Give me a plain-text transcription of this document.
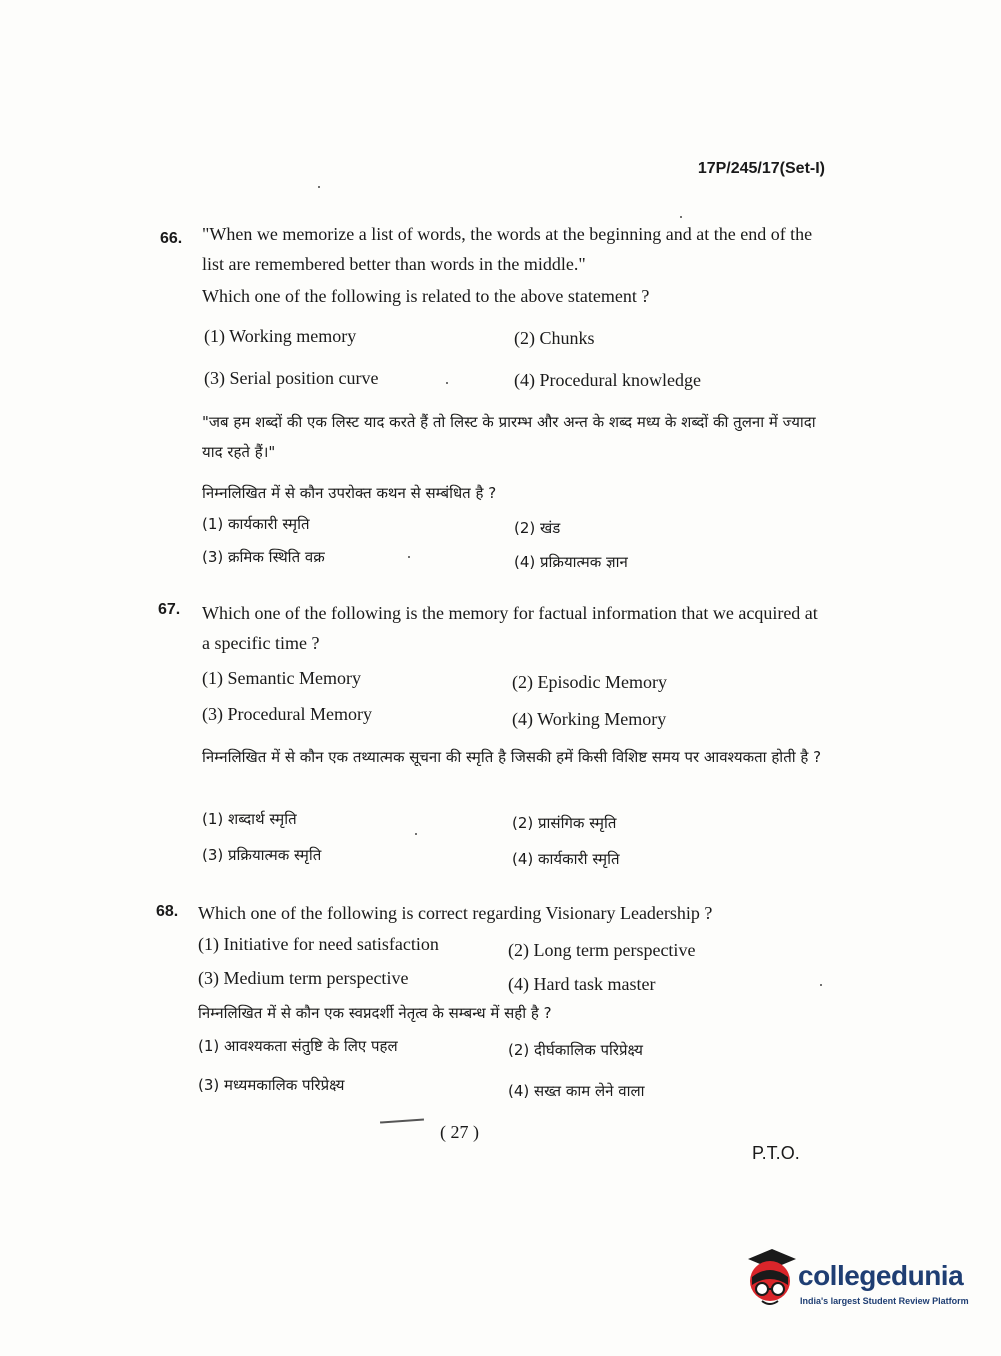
17P/245/17(Set-I)
66. "When we memorize a list of words, the words at the beginning and at the end of the list are remembered better than words in the middle."
Which one of the following is related to the above statement ?
(1) Working memory	(2) Chunks
(3) Serial position curve	(4) Procedural knowledge
"जब हम शब्दों की एक लिस्ट याद करते हैं तो लिस्ट के प्रारम्भ और अन्त के शब्द मध्य के शब्दों की तुलना में ज्यादा याद रहते हैं।"
निम्नलिखित में से कौन उपरोक्त कथन से सम्बंधित है ?
(1) कार्यकारी स्मृति	(2) खंड
(3) क्रमिक स्थिति वक्र	(4) प्रक्रियात्मक ज्ञान
67. Which one of the following is the memory for factual information that we acquired at a specific time ?
(1) Semantic Memory	(2) Episodic Memory
(3) Procedural Memory	(4) Working Memory
निम्नलिखित में से कौन एक तथ्यात्मक सूचना की स्मृति है जिसकी हमें किसी विशिष्ट समय पर आवश्यकता होती है ?
(1) शब्दार्थ स्मृति	(2) प्रासंगिक स्मृति
(3) प्रक्रियात्मक स्मृति	(4) कार्यकारी स्मृति
68. Which one of the following is correct regarding Visionary Leadership ?
(1) Initiative for need satisfaction	(2) Long term perspective
(3) Medium term perspective	(4) Hard task master
निम्नलिखित में से कौन एक स्वप्नदर्शी नेतृत्व के सम्बन्ध में सही है ?
(1) आवश्यकता संतुष्टि के लिए पहल	(2) दीर्घकालिक परिप्रेक्ष्य
(3) मध्यमकालिक परिप्रेक्ष्य	(4) सख्त काम लेने वाला
( 27 )
P.T.O.
collegedunia
India's largest Student Review Platform
